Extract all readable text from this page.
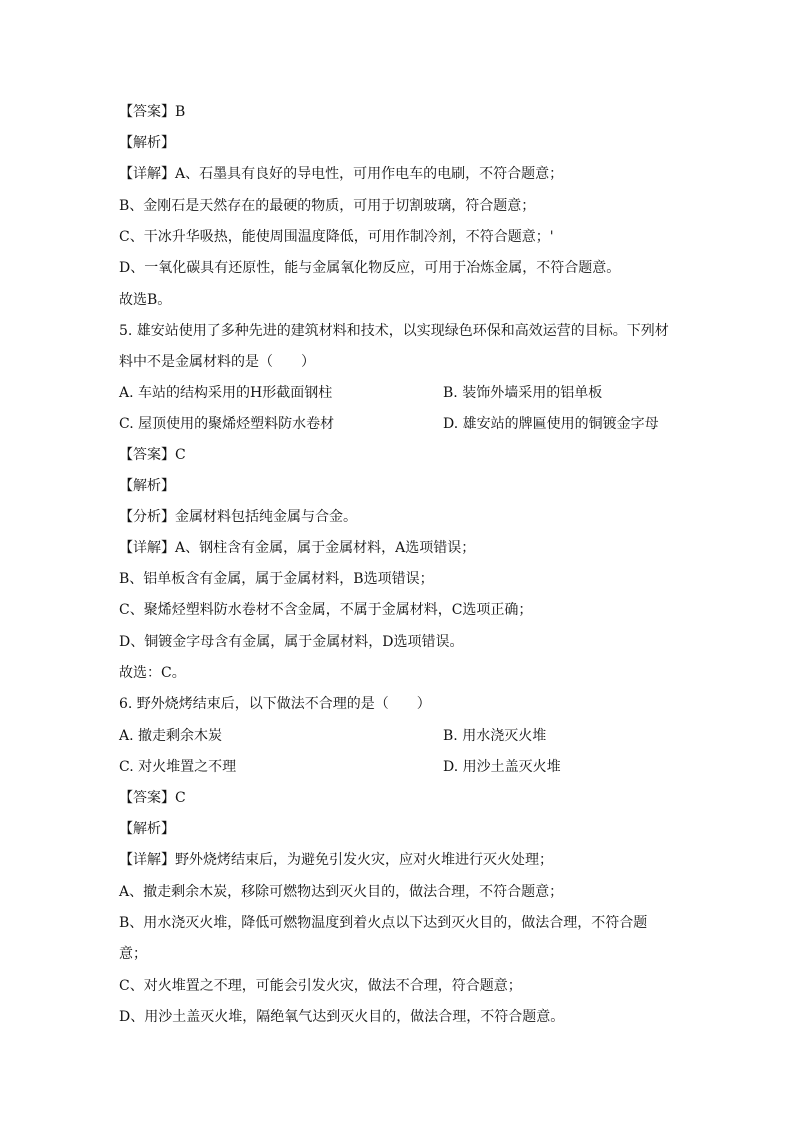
【答案】B
【解析】
【详解】A、石墨具有良好的导电性，可用作电车的电刷，不符合题意；
B、金刚石是天然存在的最硬的物质，可用于切割玻璃，符合题意；
C、干冰升华吸热，能使周围温度降低，可用作制冷剂，不符合题意；'
D、一氧化碳具有还原性，能与金属氧化物反应，可用于冶炼金属，不符合题意。
故选B。
5. 雄安站使用了多种先进的建筑材料和技术，以实现绿色环保和高效运营的目标。下列材
料中不是金属材料的是（　　）
A. 车站的结构采用的H形截面钢柱	B. 装饰外墙采用的铝单板
C. 屋顶使用的聚烯烃塑料防水卷材	D. 雄安站的牌匾使用的铜镀金字母
【答案】C
【解析】
【分析】金属材料包括纯金属与合金。
【详解】A、钢柱含有金属，属于金属材料，A选项错误；
B、铝单板含有金属，属于金属材料，B选项错误；
C、聚烯烃塑料防水卷材不含金属，不属于金属材料，C选项正确；
D、铜镀金字母含有金属，属于金属材料，D选项错误。
故选：C。
6. 野外烧烤结束后，以下做法不合理的是（　　）
A. 撤走剩余木炭	B. 用水浇灭火堆
C. 对火堆置之不理	D. 用沙土盖灭火堆
【答案】C
【解析】
【详解】野外烧烤结束后，为避免引发火灾，应对火堆进行灭火处理；
A、撤走剩余木炭，移除可燃物达到灭火目的，做法合理，不符合题意；
B、用水浇灭火堆，降低可燃物温度到着火点以下达到灭火目的，做法合理，不符合题
意；
C、对火堆置之不理，可能会引发火灾，做法不合理，符合题意；
D、用沙土盖灭火堆，隔绝氧气达到灭火目的，做法合理，不符合题意。
